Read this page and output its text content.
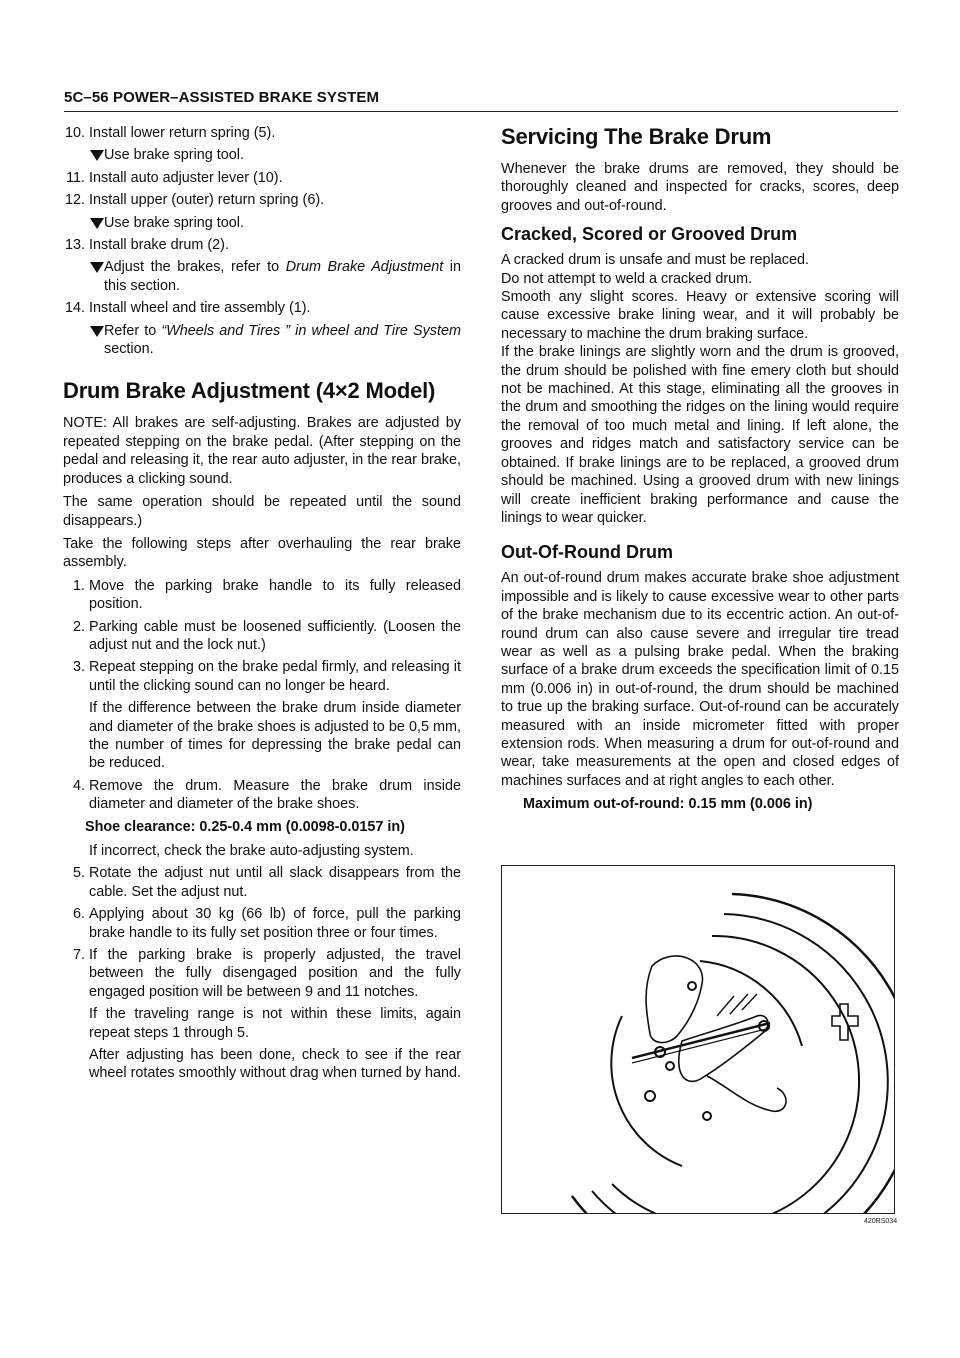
5C–56 POWER–ASSISTED BRAKE SYSTEM
10. Install lower return spring (5).
Use brake spring tool.
11. Install auto adjuster lever (10).
12. Install upper (outer) return spring (6).
Use brake spring tool.
13. Install brake drum (2).
Adjust the brakes, refer to Drum Brake Adjustment in this section.
14. Install wheel and tire assembly (1).
Refer to “Wheels and Tires ” in wheel and Tire System section.
Drum Brake Adjustment (4×2 Model)

NOTE: All brakes are self-adjusting. Brakes are adjusted by repeated stepping on the brake pedal. (After stepping on the pedal and releasing it, the rear auto adjuster, in the rear brake, produces a clicking sound.

The same operation should be repeated until the sound disappears.)

Take the following steps after overhauling the rear brake assembly.

1. Move the parking brake handle to its fully released position.
2. Parking cable must be loosened sufficiently. (Loosen the adjust nut and the lock nut.)
3. Repeat stepping on the brake pedal firmly, and releasing it until the clicking sound can no longer be heard.
If the difference between the brake drum inside diameter and diameter of the brake shoes is adjusted to be 0,5 mm, the number of times for depressing the brake pedal can be reduced.
4. Remove the drum. Measure the brake drum inside diameter and diameter of the brake shoes.
Shoe clearance: 0.25-0.4 mm (0.0098-0.0157 in)
If incorrect, check the brake auto-adjusting system.
5. Rotate the adjust nut until all slack disappears from the cable. Set the adjust nut.
6. Applying about 30 kg (66 lb) of force, pull the parking brake handle to its fully set position three or four times.
7. If the parking brake is properly adjusted, the travel between the fully disengaged position and the fully engaged position will be between 9 and 11 notches.
If the traveling range is not within these limits, again repeat steps 1 through 5.
After adjusting has been done, check to see if the rear wheel rotates smoothly without drag when turned by hand.
Servicing The Brake Drum

Whenever the brake drums are removed, they should be thoroughly cleaned and inspected for cracks, scores, deep grooves and out-of-round.

Cracked, Scored or Grooved Drum

A cracked drum is unsafe and must be replaced.

Do not attempt to weld a cracked drum.

Smooth any slight scores. Heavy or extensive scoring will cause excessive brake lining wear, and it will probably be necessary to machine the drum braking surface.

If the brake linings are slightly worn and the drum is grooved, the drum should be polished with fine emery cloth but should not be machined. At this stage, eliminating all the grooves in the drum and smoothing the ridges on the lining would require the removal of too much metal and lining. If left alone, the grooves and ridges match and satisfactory service can be obtained. If brake linings are to be replaced, a grooved drum should be machined. Using a grooved drum with new linings will create inefficient braking performance and cause the linings to wear quicker.

Out-Of-Round Drum

An out-of-round drum makes accurate brake shoe adjustment impossible and is likely to cause excessive wear to other parts of the brake mechanism due to its eccentric action. An out-of-round drum can also cause severe and irregular tire tread wear as well as a pulsing brake pedal. When the braking surface of a brake drum exceeds the specification limit of 0.15 mm (0.006 in) in out-of-round, the drum should be machined to true up the braking surface. Out-of-round can be accurately measured with an inside micrometer fitted with proper extension rods. When measuring a drum for out-of-round and wear, take measurements at the open and closed edges of machines surfaces and at right angles to each other.

Maximum out-of-round: 0.15 mm (0.006 in)
420RS034
